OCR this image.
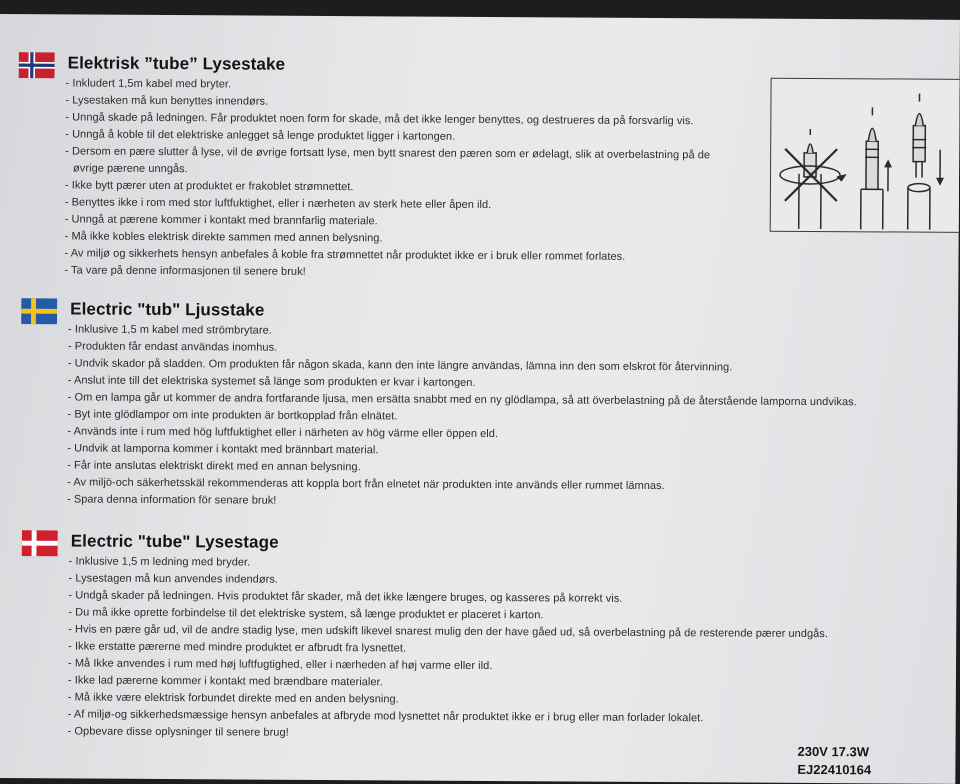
Elektrisk ”tube” Lysestake
- Inkludert 1,5m kabel med bryter.
- Lysestaken må kun benyttes innendørs.
- Unngå skade på ledningen. Får produktet noen form for skade, må det ikke lenger benyttes, og destrueres da på forsvarlig vis.
- Unngå å koble til det elektriske anlegget så lenge produktet ligger i kartongen.
- Dersom en pære slutter å lyse, vil de øvrige fortsatt lyse, men bytt snarest den pæren som er ødelagt, slik at overbelastning på de
øvrige pærene unngås.
- Ikke bytt pærer uten at produktet er frakoblet strømnettet.
- Benyttes ikke i rom med stor luftfuktighet, eller i nærheten av sterk hete eller åpen ild.
- Unngå at pærene kommer i kontakt med brannfarlig materiale.
- Må ikke kobles elektrisk direkte sammen med annen belysning.
- Av miljø og sikkerhets hensyn anbefales å koble fra strømnettet når produktet ikke er i bruk eller rommet forlates.
- Ta vare på denne informasjonen til senere bruk!
Electric "tub" Ljusstake
- Inklusive 1,5 m kabel med strömbrytare.
- Produkten får endast användas inomhus.
- Undvik skador på sladden. Om produkten får någon skada, kann den inte längre användas, lämna inn den som elskrot för återvinning.
- Anslut inte till det elektriska systemet så länge som produkten er kvar i kartongen.
- Om en lampa går ut kommer de andra fortfarande ljusa, men ersätta snabbt med en ny glödlampa, så att överbelastning på de återstående lamporna undvikas.
- Byt inte glödlampor om inte produkten är bortkopplad från elnätet.
- Används inte i rum med hög luftfuktighet eller i närheten av hög värme eller öppen eld.
- Undvik at lamporna kommer i kontakt med brännbart material.
- Får inte anslutas elektriskt direkt med en annan belysning.
- Av miljö-och säkerhetsskäl rekommenderas att koppla bort från elnetet när produkten inte används eller rummet lämnas.
- Spara denna information för senare bruk!
Electric "tube" Lysestage
- Inklusive 1,5 m ledning med bryder.
- Lysestagen må kun anvendes indendørs.
- Undgå skader på ledningen. Hvis produktet får skader, må det ikke længere bruges, og kasseres på korrekt vis.
- Du må ikke oprette forbindelse til det elektriske system, så længe produktet er placeret i karton.
- Hvis en pære går ud, vil de andre stadig lyse, men udskift likevel snarest mulig den der have gåed ud, så overbelastning på de resterende pærer undgås.
- Ikke erstatte pærerne med mindre produktet er afbrudt fra lysnettet.
- Må Ikke anvendes i rum med høj luftfugtighed, eller i nærheden af høj varme eller ild.
- Ikke lad pærerne kommer i kontakt med brændbare materialer.
- Må ikke være elektrisk forbundet direkte med en anden belysning.
- Af miljø-og sikkerhedsmæssige hensyn anbefales at afbryde mod lysnettet når produktet ikke er i brug eller man forlader lokalet.
- Opbevare disse oplysninger til senere brug!
230V 17.3W
EJ22410164
